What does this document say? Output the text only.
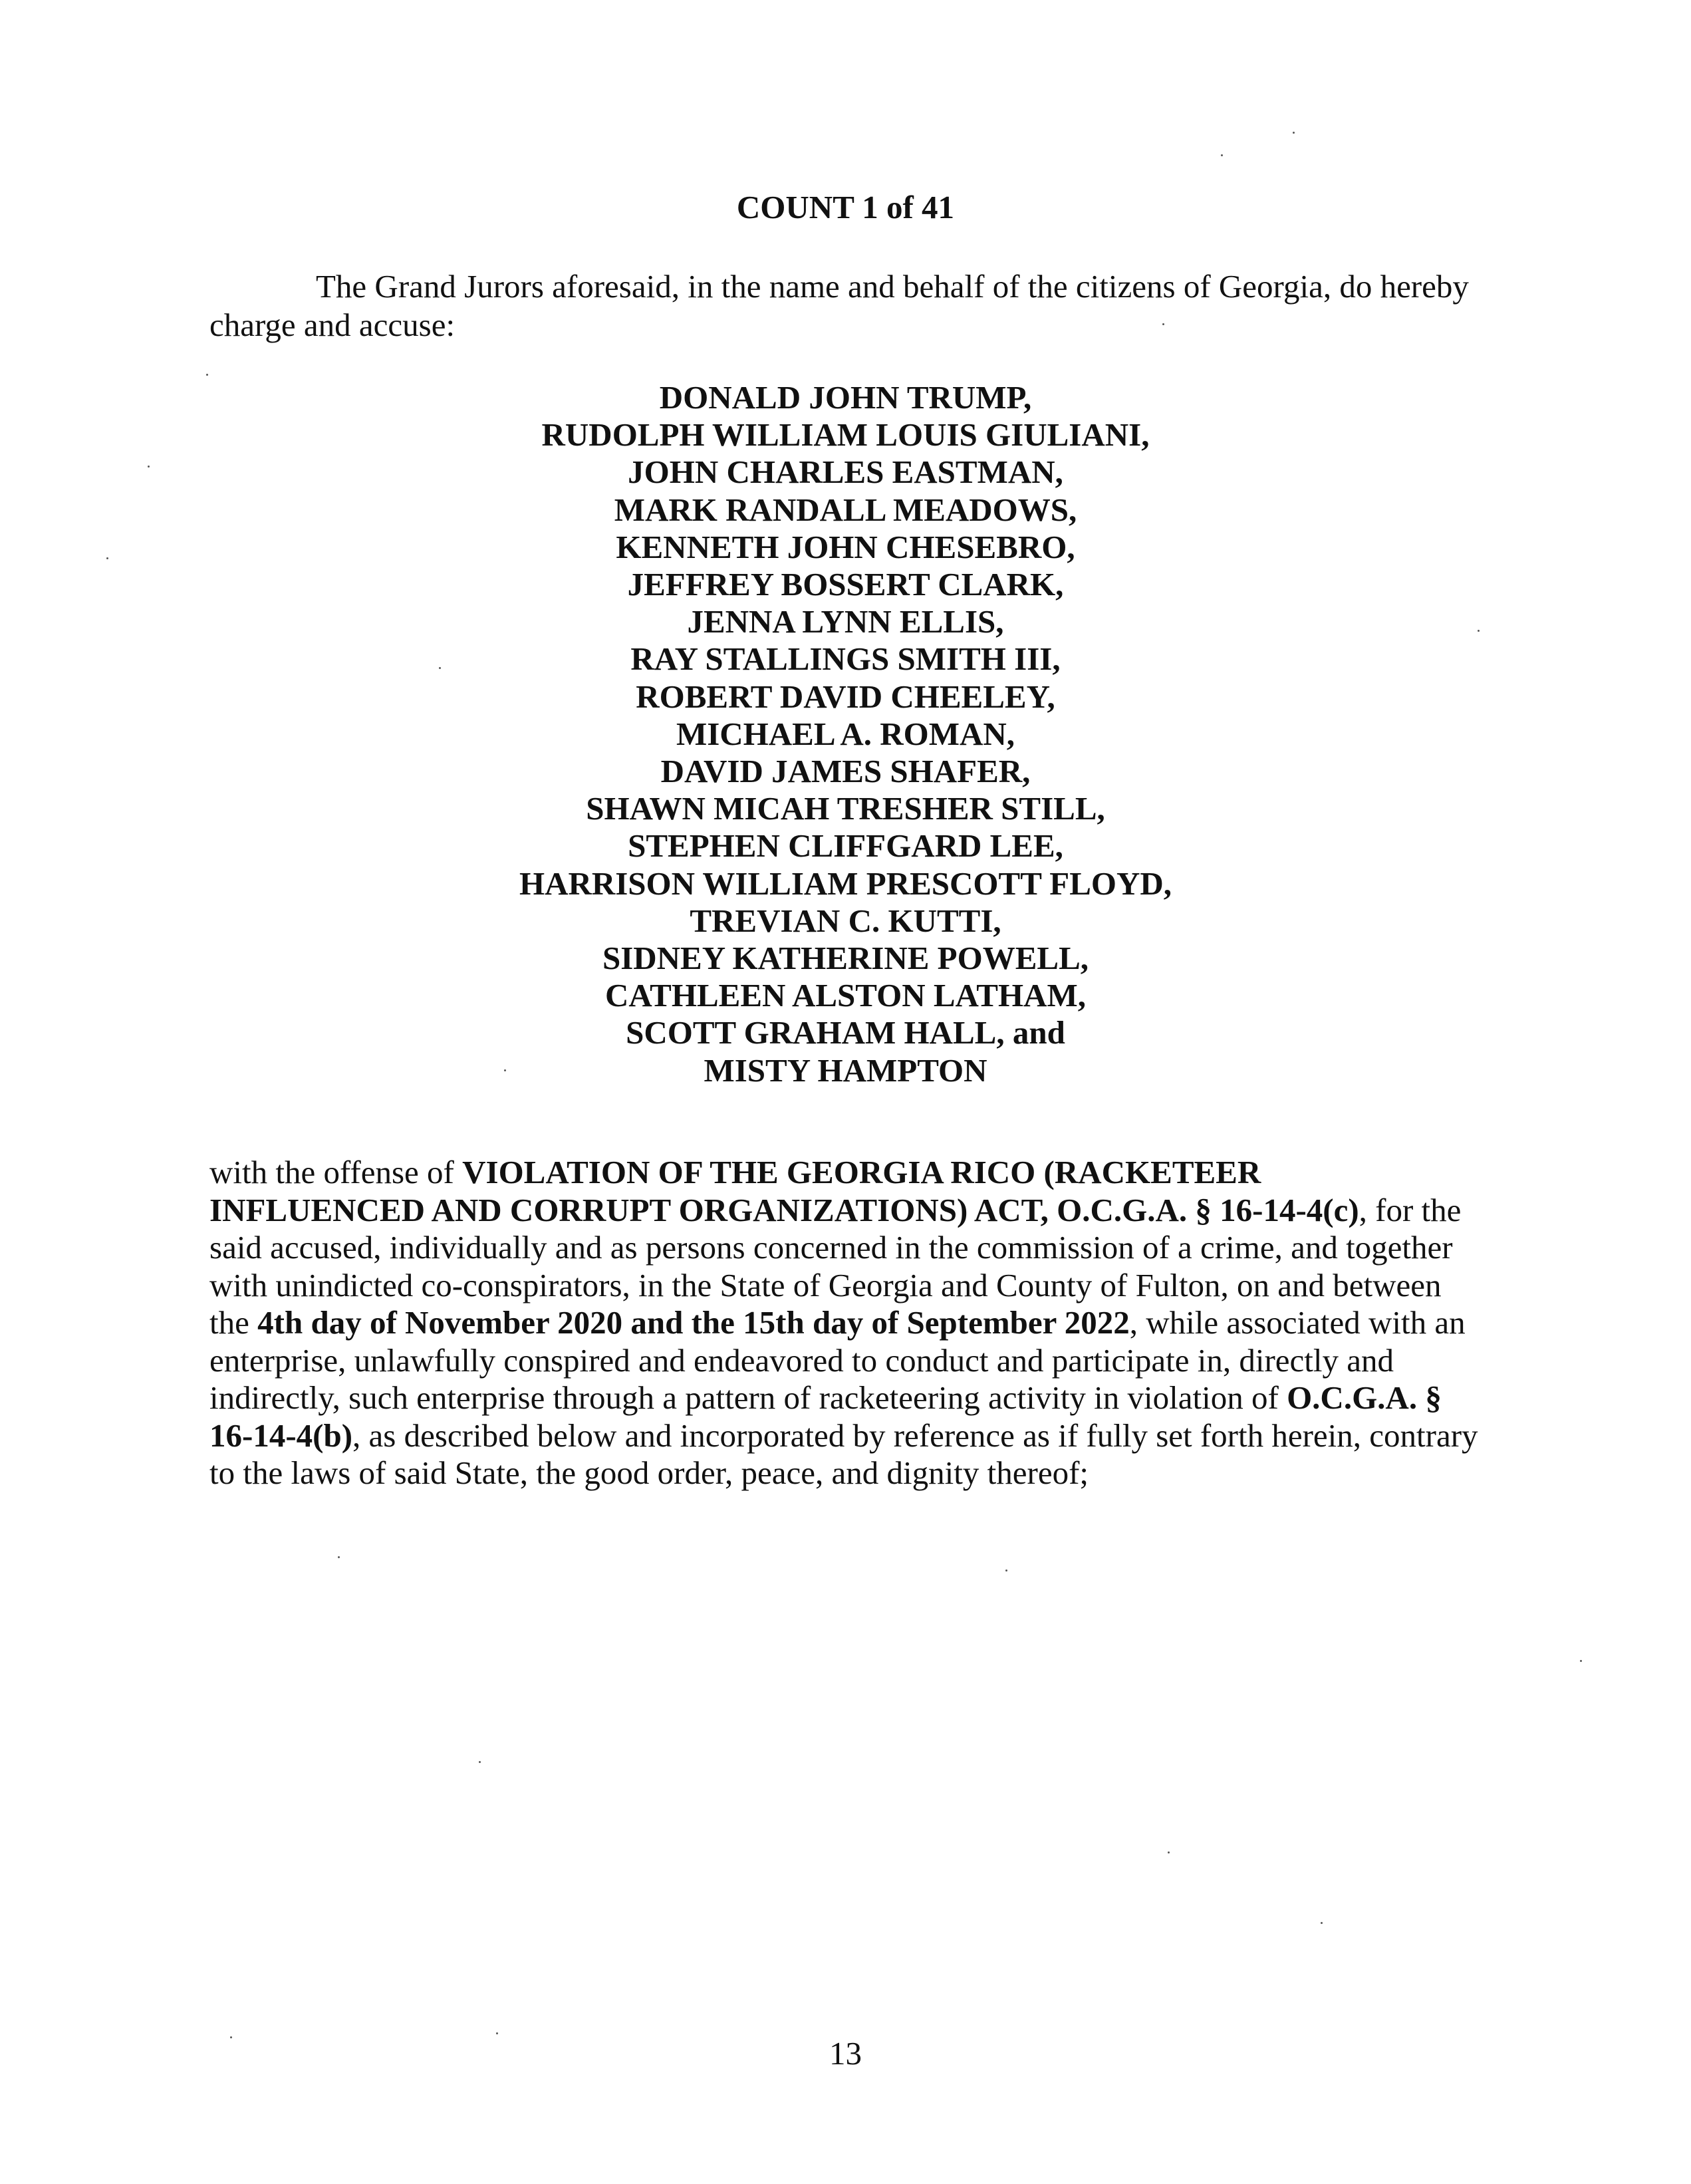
COUNT 1 of 41
The Grand Jurors aforesaid, in the name and behalf of the citizens of Georgia, do hereby
charge and accuse:
DONALD JOHN TRUMP,
RUDOLPH WILLIAM LOUIS GIULIANI,
JOHN CHARLES EASTMAN,
MARK RANDALL MEADOWS,
KENNETH JOHN CHESEBRO,
JEFFREY BOSSERT CLARK,
JENNA LYNN ELLIS,
RAY STALLINGS SMITH III,
ROBERT DAVID CHEELEY,
MICHAEL A. ROMAN,
DAVID JAMES SHAFER,
SHAWN MICAH TRESHER STILL,
STEPHEN CLIFFGARD LEE,
HARRISON WILLIAM PRESCOTT FLOYD,
TREVIAN C. KUTTI,
SIDNEY KATHERINE POWELL,
CATHLEEN ALSTON LATHAM,
SCOTT GRAHAM HALL, and
MISTY HAMPTON
with the offense of VIOLATION OF THE GEORGIA RICO (RACKETEER
INFLUENCED AND CORRUPT ORGANIZATIONS) ACT, O.C.G.A. § 16-14-4(c), for the
said accused, individually and as persons concerned in the commission of a crime, and together
with unindicted co-conspirators, in the State of Georgia and County of Fulton, on and between
the 4th day of November 2020 and the 15th day of September 2022, while associated with an
enterprise, unlawfully conspired and endeavored to conduct and participate in, directly and
indirectly, such enterprise through a pattern of racketeering activity in violation of O.C.G.A. §
16-14-4(b), as described below and incorporated by reference as if fully set forth herein, contrary
to the laws of said State, the good order, peace, and dignity thereof;
13
